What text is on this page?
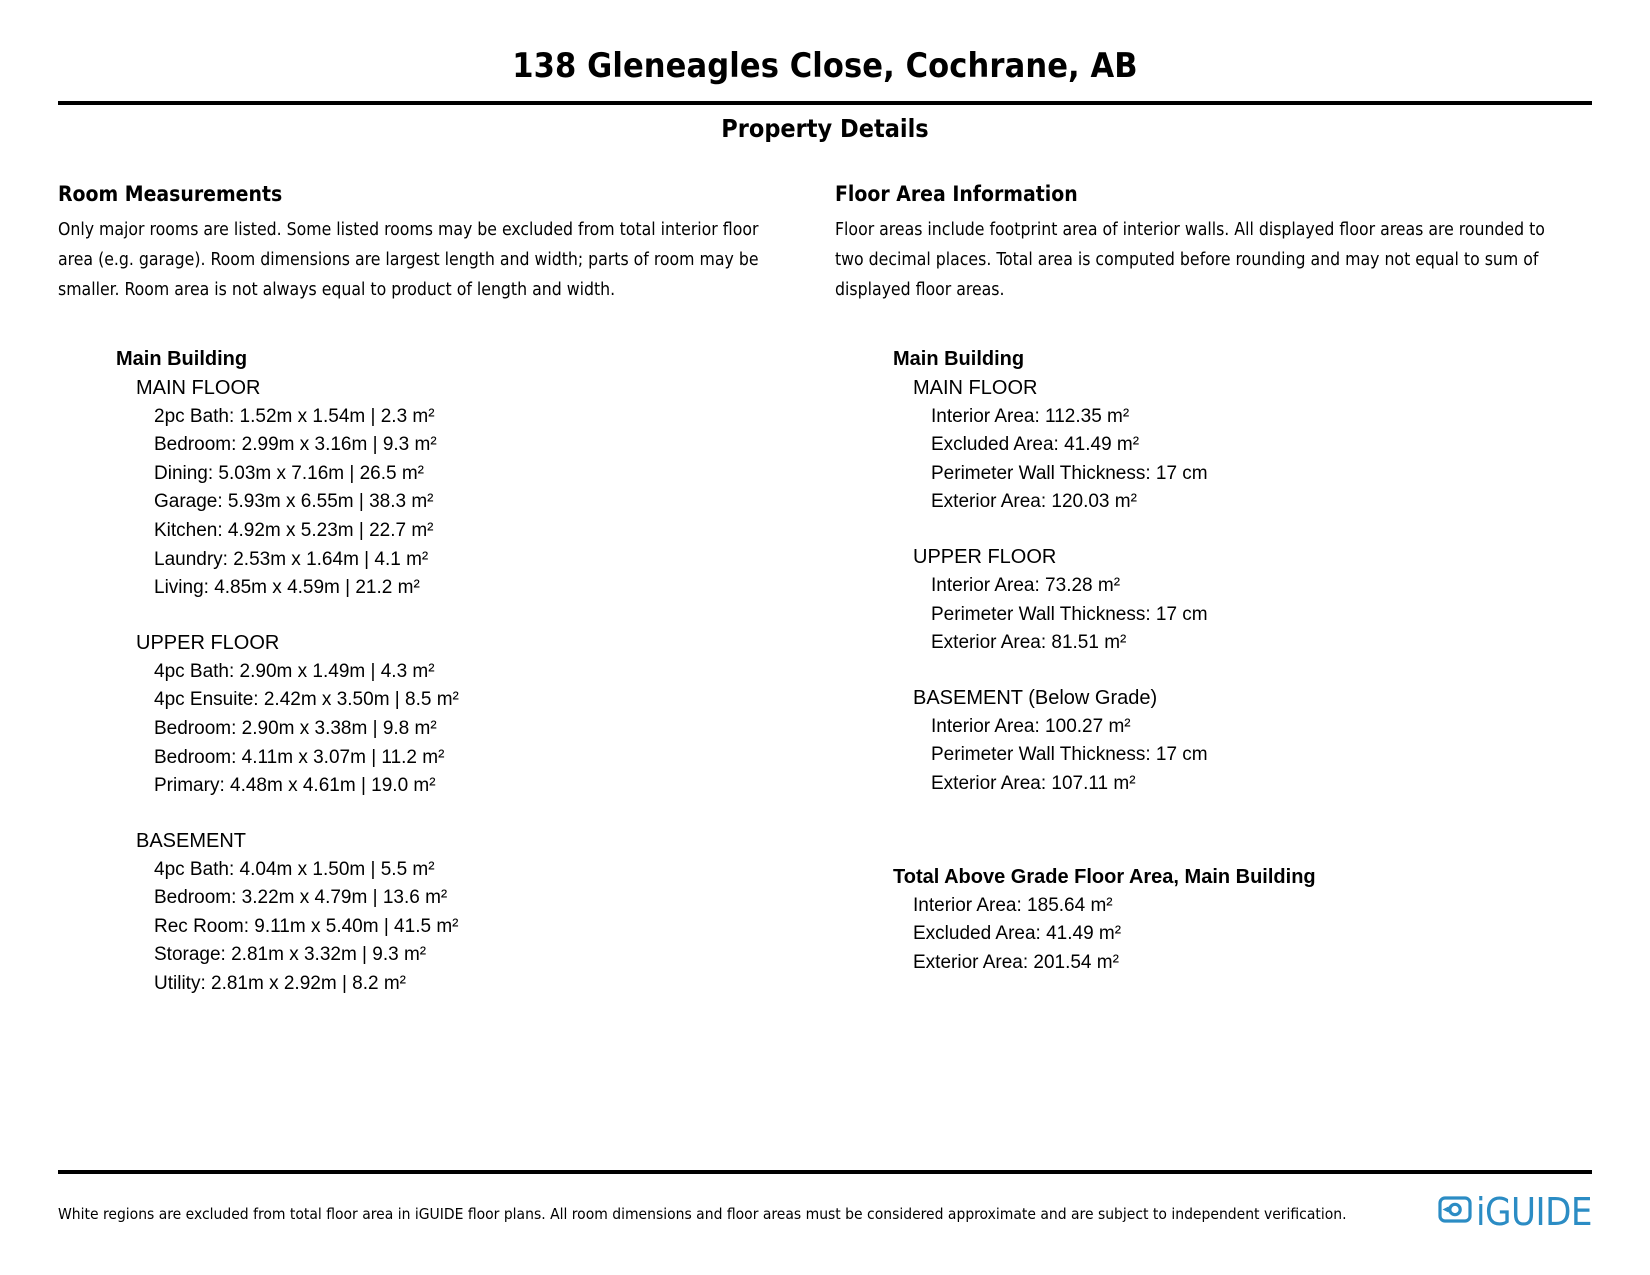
138 Gleneagles Close, Cochrane, AB
Property Details
Room Measurements

Only major rooms are listed. Some listed rooms may be excluded from total interior floor area (e.g. garage). Room dimensions are largest length and width; parts of room may be smaller. Room area is not always equal to product of length and width.

Main Building
MAIN FLOOR
2pc Bath: 1.52m x 1.54m | 2.3 m²
Bedroom: 2.99m x 3.16m | 9.3 m²
Dining: 5.03m x 7.16m | 26.5 m²
Garage: 5.93m x 6.55m | 38.3 m²
Kitchen: 4.92m x 5.23m | 22.7 m²
Laundry: 2.53m x 1.64m | 4.1 m²
Living: 4.85m x 4.59m | 21.2 m²
UPPER FLOOR
4pc Bath: 2.90m x 1.49m | 4.3 m²
4pc Ensuite: 2.42m x 3.50m | 8.5 m²
Bedroom: 2.90m x 3.38m | 9.8 m²
Bedroom: 4.11m x 3.07m | 11.2 m²
Primary: 4.48m x 4.61m | 19.0 m²
BASEMENT
4pc Bath: 4.04m x 1.50m | 5.5 m²
Bedroom: 3.22m x 4.79m | 13.6 m²
Rec Room: 9.11m x 5.40m | 41.5 m²
Storage: 2.81m x 3.32m | 9.3 m²
Utility: 2.81m x 2.92m | 8.2 m²
Floor Area Information

Floor areas include footprint area of interior walls. All displayed floor areas are rounded to two decimal places. Total area is computed before rounding and may not equal to sum of displayed floor areas.

Main Building
MAIN FLOOR
Interior Area: 112.35 m²
Excluded Area: 41.49 m²
Perimeter Wall Thickness: 17 cm
Exterior Area: 120.03 m²
UPPER FLOOR
Interior Area: 73.28 m²
Perimeter Wall Thickness: 17 cm
Exterior Area: 81.51 m²
BASEMENT (Below Grade)
Interior Area: 100.27 m²
Perimeter Wall Thickness: 17 cm
Exterior Area: 107.11 m²
Total Above Grade Floor Area, Main Building
Interior Area: 185.64 m²
Excluded Area: 41.49 m²
Exterior Area: 201.54 m²
White regions are excluded from total floor area in iGUIDE floor plans. All room dimensions and floor areas must be considered approximate and are subject to independent verification.	iGUIDE
